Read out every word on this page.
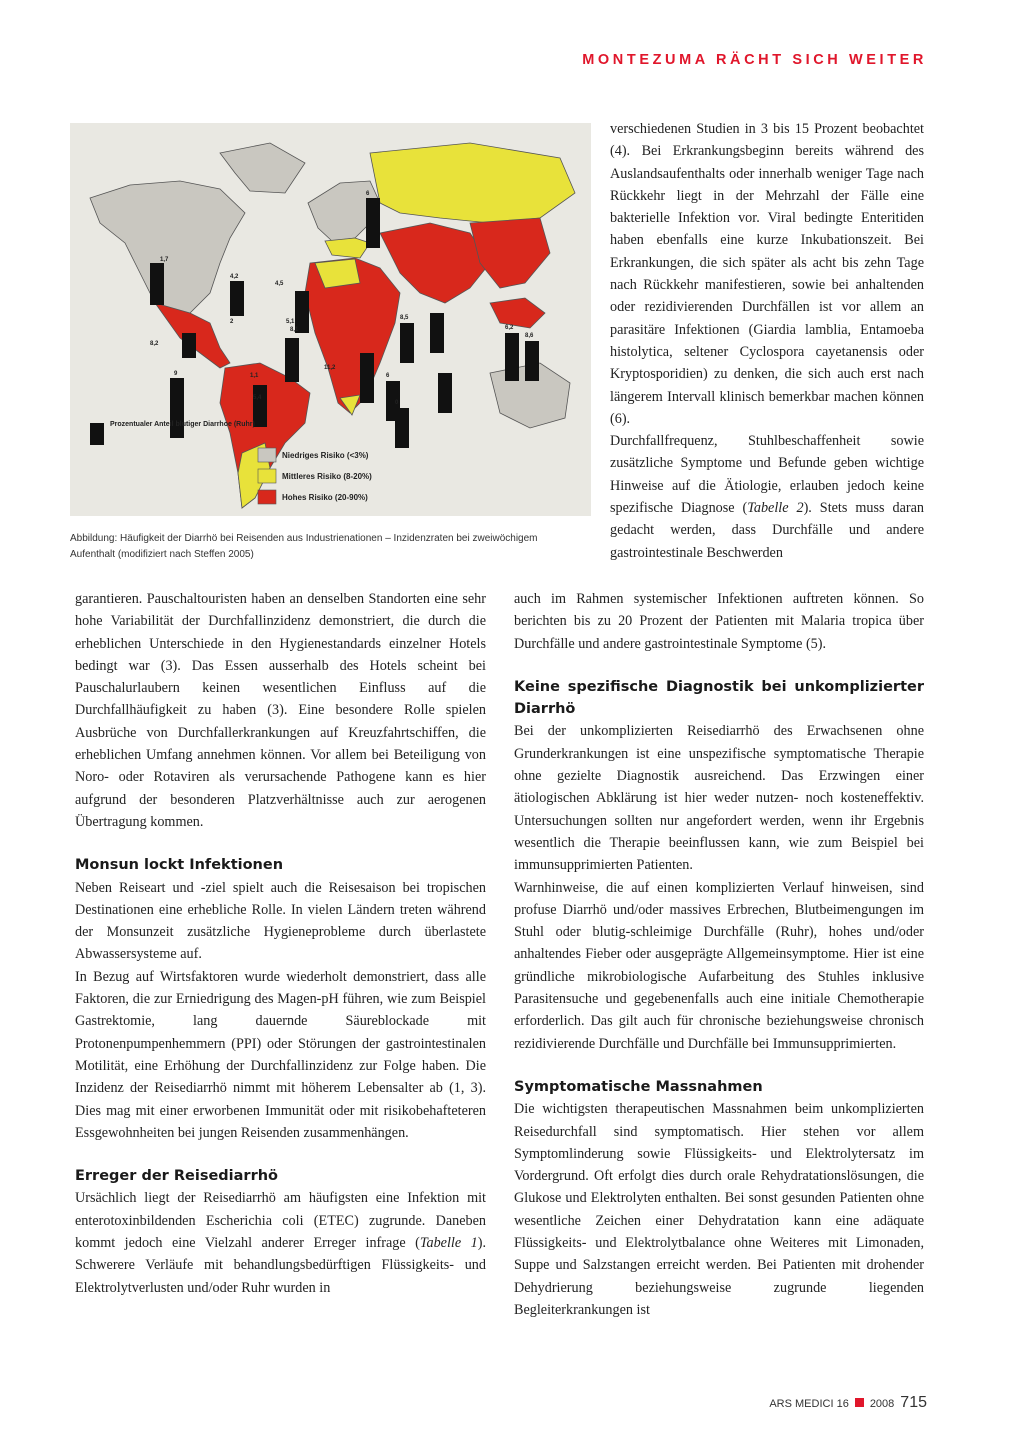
MONTEZUMA RÄCHT SICH WEITER
Prozentualer Anteil blutiger Diarrhoe (Ruhr)
Niedriges Risiko (<3%)
Mittleres Risiko (8-20%)
Hohes Risiko (20-90%)
1,7
5,1
2
4,2
4,5
6
8,1
8,2
9	1,1
5,4
11,2
6
8,5
6,2
8,6
0
Abbildung: Häufigkeit der Diarrhö bei Reisenden aus Industrienationen – Inzidenzraten bei zweiwöchigem Aufenthalt (modifiziert nach Steffen 2005)

verschiedenen Studien in 3 bis 15 Prozent beobachtet (4). Bei Erkrankungsbeginn bereits während des Auslandsaufenthalts oder innerhalb weniger Tage nach Rückkehr liegt in der Mehrzahl der Fälle eine bakterielle Infektion vor. Viral bedingte Enteritiden haben ebenfalls eine kurze Inkubationszeit. Bei Erkrankungen, die sich später als acht bis zehn Tage nach Rückkehr manifestieren, sowie bei anhaltenden oder rezidivierenden Durchfällen ist vor allem an parasitäre Infektionen (Giardia lamblia, Entamoeba histolytica, seltener Cyclospora cayetanensis oder Kryptosporidien) zu denken, die sich auch erst nach längerem Intervall klinisch bemerkbar machen können (6).

Durchfallfrequenz, Stuhlbeschaffenheit sowie zusätzliche Symptome und Befunde geben wichtige Hinweise auf die Ätiologie, erlauben jedoch keine spezifische Diagnose (Tabelle 2). Stets muss daran gedacht werden, dass Durchfälle und andere gastrointestinale Beschwerden

garantieren. Pauschaltouristen haben an denselben Standorten eine sehr hohe Variabilität der Durchfallinzidenz demonstriert, die durch die erheblichen Unterschiede in den Hygienestandards einzelner Hotels bedingt war (3). Das Essen ausserhalb des Hotels scheint bei Pauschalurlaubern keinen wesentlichen Einfluss auf die Durchfallhäufigkeit zu haben (3). Eine besondere Rolle spielen Ausbrüche von Durchfallerkrankungen auf Kreuzfahrtschiffen, die erheblichen Umfang annehmen können. Vor allem bei Beteiligung von Noro- oder Rotaviren als verursachende Pathogene kann es hier aufgrund der besonderen Platzverhältnisse auch zur aerogenen Übertragung kommen.

Monsun lockt Infektionen

Neben Reiseart und -ziel spielt auch die Reisesaison bei tropischen Destinationen eine erhebliche Rolle. In vielen Ländern treten während der Monsunzeit zusätzliche Hygieneprobleme durch überlastete Abwassersysteme auf.

In Bezug auf Wirtsfaktoren wurde wiederholt demonstriert, dass alle Faktoren, die zur Erniedrigung des Magen-pH führen, wie zum Beispiel Gastrektomie, lang dauernde Säureblockade mit Protonenpumpenhemmern (PPI) oder Störungen der gastrointestinalen Motilität, eine Erhöhung der Durchfallinzidenz zur Folge haben. Die Inzidenz der Reisediarrhö nimmt mit höherem Lebensalter ab (1, 3). Dies mag mit einer erworbenen Immunität oder mit risikobehafteteren Essgewohnheiten bei jungen Reisenden zusammenhängen.

Erreger der Reisediarrhö

Ursächlich liegt der Reisediarrhö am häufigsten eine Infektion mit enterotoxinbildenden Escherichia coli (ETEC) zugrunde. Daneben kommt jedoch eine Vielzahl anderer Erreger infrage (Tabelle 1). Schwerere Verläufe mit behandlungsbedürftigen Flüssigkeits- und Elektrolytverlusten und/oder Ruhr wurden in

auch im Rahmen systemischer Infektionen auftreten können. So berichten bis zu 20 Prozent der Patienten mit Malaria tropica über Durchfälle und andere gastrointestinale Symptome (5).

Keine spezifische Diagnostik bei unkomplizierter Diarrhö

Bei der unkomplizierten Reisediarrhö des Erwachsenen ohne Grunderkrankungen ist eine unspezifische symptomatische Therapie ohne gezielte Diagnostik ausreichend. Das Erzwingen einer ätiologischen Abklärung ist hier weder nutzen- noch kosteneffektiv. Untersuchungen sollten nur angefordert werden, wenn ihr Ergebnis wesentlich die Therapie beeinflussen kann, wie zum Beispiel bei immunsupprimierten Patienten.

Warnhinweise, die auf einen komplizierten Verlauf hinweisen, sind profuse Diarrhö und/oder massives Erbrechen, Blutbeimengungen im Stuhl oder blutig-schleimige Durchfälle (Ruhr), hohes und/oder anhaltendes Fieber oder ausgeprägte Allgemeinsymptome. Hier ist eine gründliche mikrobiologische Aufarbeitung des Stuhles inklusive Parasitensuche und gegebenenfalls auch eine initiale Chemotherapie erforderlich. Das gilt auch für chronische beziehungsweise chronisch rezidivierende Durchfälle und Durchfälle bei Immunsupprimierten.

Symptomatische Massnahmen

Die wichtigsten therapeutischen Massnahmen beim unkomplizierten Reisedurchfall sind symptomatisch. Hier stehen vor allem Symptomlinderung sowie Flüssigkeits- und Elektrolytersatz im Vordergrund. Oft erfolgt dies durch orale Rehydratationslösungen, die Glukose und Elektrolyten enthalten. Bei sonst gesunden Patienten ohne wesentliche Zeichen einer Dehydratation kann eine adäquate Flüssigkeits- und Elektrolytbalance ohne Weiteres mit Limonaden, Suppe und Salzstangen erreicht werden. Bei Patienten mit drohender Dehydrierung beziehungsweise zugrunde liegenden Begleiterkrankungen ist

ARS MEDICI 16 2008 715
